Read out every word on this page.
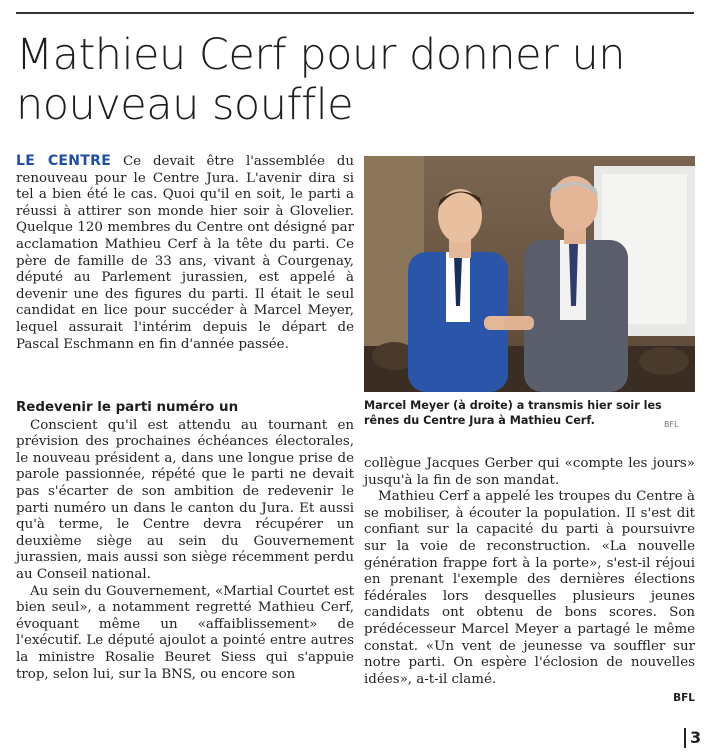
Mathieu Cerf pour donner un nouveau souffle

LE CENTRE Ce devait être l'assemblée du renouveau pour le Centre Jura. L'avenir dira si tel a bien été le cas. Quoi qu'il en soit, le parti a réussi à attirer son monde hier soir à Glovelier. Quelque 120 membres du Centre ont désigné par acclamation Mathieu Cerf à la tête du parti. Ce père de famille de 33 ans, vivant à Courgenay, député au Parlement jurassien, est appelé à devenir une des figures du parti. Il était le seul candidat en lice pour succéder à Marcel Meyer, lequel assurait l'intérim depuis le départ de Pascal Eschmann en fin d'année passée.

Redevenir le parti numéro un

Conscient qu'il est attendu au tournant en prévision des prochaines échéances électorales, le nouveau président a, dans une longue prise de parole passionnée, répété que le parti ne devait pas s'écarter de son ambition de redevenir le parti numéro un dans le canton du Jura. Et aussi qu'à terme, le Centre devra récupérer un deuxième siège au sein du Gouvernement jurassien, mais aussi son siège récemment perdu au Conseil national.

Au sein du Gouvernement, «Martial Courtet est bien seul», a notamment regretté Mathieu Cerf, évoquant même un «affaiblissement» de l'exécutif. Le député ajoulot a pointé entre autres la ministre Rosalie Beuret Siess qui s'appuie trop, selon lui, sur la BNS, ou encore son

Marcel Meyer (à droite) a transmis hier soir les rênes du Centre Jura à Mathieu Cerf.	BFL

collègue Jacques Gerber qui «compte les jours» jusqu'à la fin de son mandat.

Mathieu Cerf a appelé les troupes du Centre à se mobiliser, à écouter la population. Il s'est dit confiant sur la capacité du parti à poursuivre sur la voie de reconstruction. «La nouvelle génération frappe fort à la porte», s'est-il réjoui en prenant l'exemple des dernières élections fédérales lors desquelles plusieurs jeunes candidats ont obtenu de bons scores. Son prédécesseur Marcel Meyer a partagé le même constat. «Un vent de jeunesse va souffler sur notre parti. On espère l'éclosion de nouvelles idées», a-t-il clamé.

BFL
3
